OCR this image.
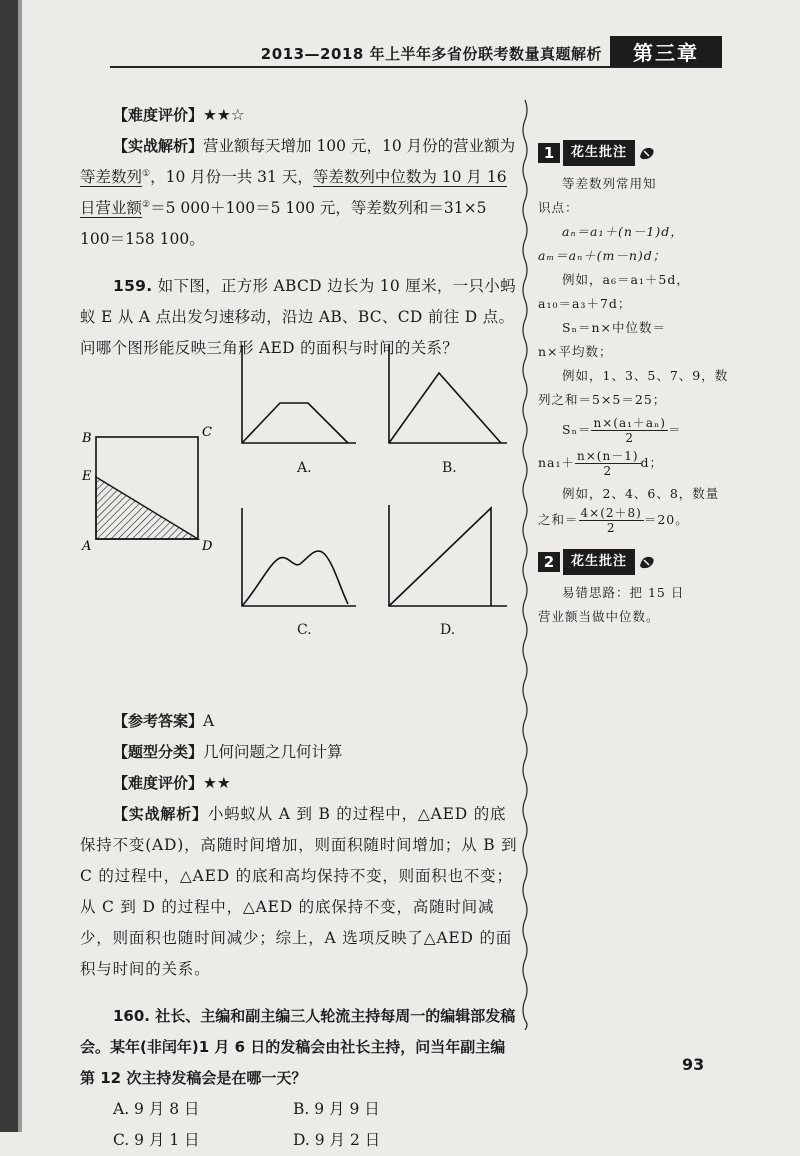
2013—2018 年上半年多省份联考数量真题解析	第三章

【难度评价】★★☆

【实战解析】营业额每天增加 100 元，10 月份的营业额为等差数列①，10 月份一共 31 天，等差数列中位数为 10 月 16 日营业额②＝5 000＋100＝5 100 元，等差数列和＝31×5 100＝158 100。

159. 如下图，正方形 ABCD 边长为 10 厘米，一只小蚂蚁 E 从 A 点出发匀速移动，沿边 AB、BC、CD 前往 D 点。问哪个图形能反映三角形 AED 的面积与时间的关系？

【参考答案】A

【题型分类】几何问题之几何计算

【难度评价】★★

【实战解析】小蚂蚁从 A 到 B 的过程中，△AED 的底保持不变(AD)，高随时间增加，则面积随时间增加；从 B 到 C 的过程中，△AED 的底和高均保持不变，则面积也不变；从 C 到 D 的过程中，△AED 的底保持不变，高随时间减少，则面积也随时间减少；综上，A 选项反映了△AED 的面积与时间的关系。

160. 社长、主编和副主编三人轮流主持每周一的编辑部发稿会。某年(非闰年)1 月 6 日的发稿会由社长主持，问当年副主编第 12 次主持发稿会是在哪一天？

A. 9 月 8 日	B. 9 月 9 日
C. 9 月 1 日	D. 9 月 2 日
B	C
E
A	D
A.	B.
C.	D.
1	花生批注
等差数列常用知
识点：
aₙ＝a₁＋(n－1)d，
aₘ＝aₙ＋(m－n)d；
例如，a₆＝a₁＋5d，
a₁₀＝a₃＋7d；
Sₙ＝n×中位数＝
n×平均数；
例如，1、3、5、7、9，数
列之和＝5×5＝25；
$S_n= \frac{\text{n×(a₁＋aₙ)}}{2}$ ＝
$na_1+ \frac{n\times(n-1)}{2}$ d；
例如，2、4、6、8，数量
之和＝ $\frac{4\times(2+8)}{2} =20$。
2	花生批注
易错思路：把 15 日营业额当做中位数。
93
